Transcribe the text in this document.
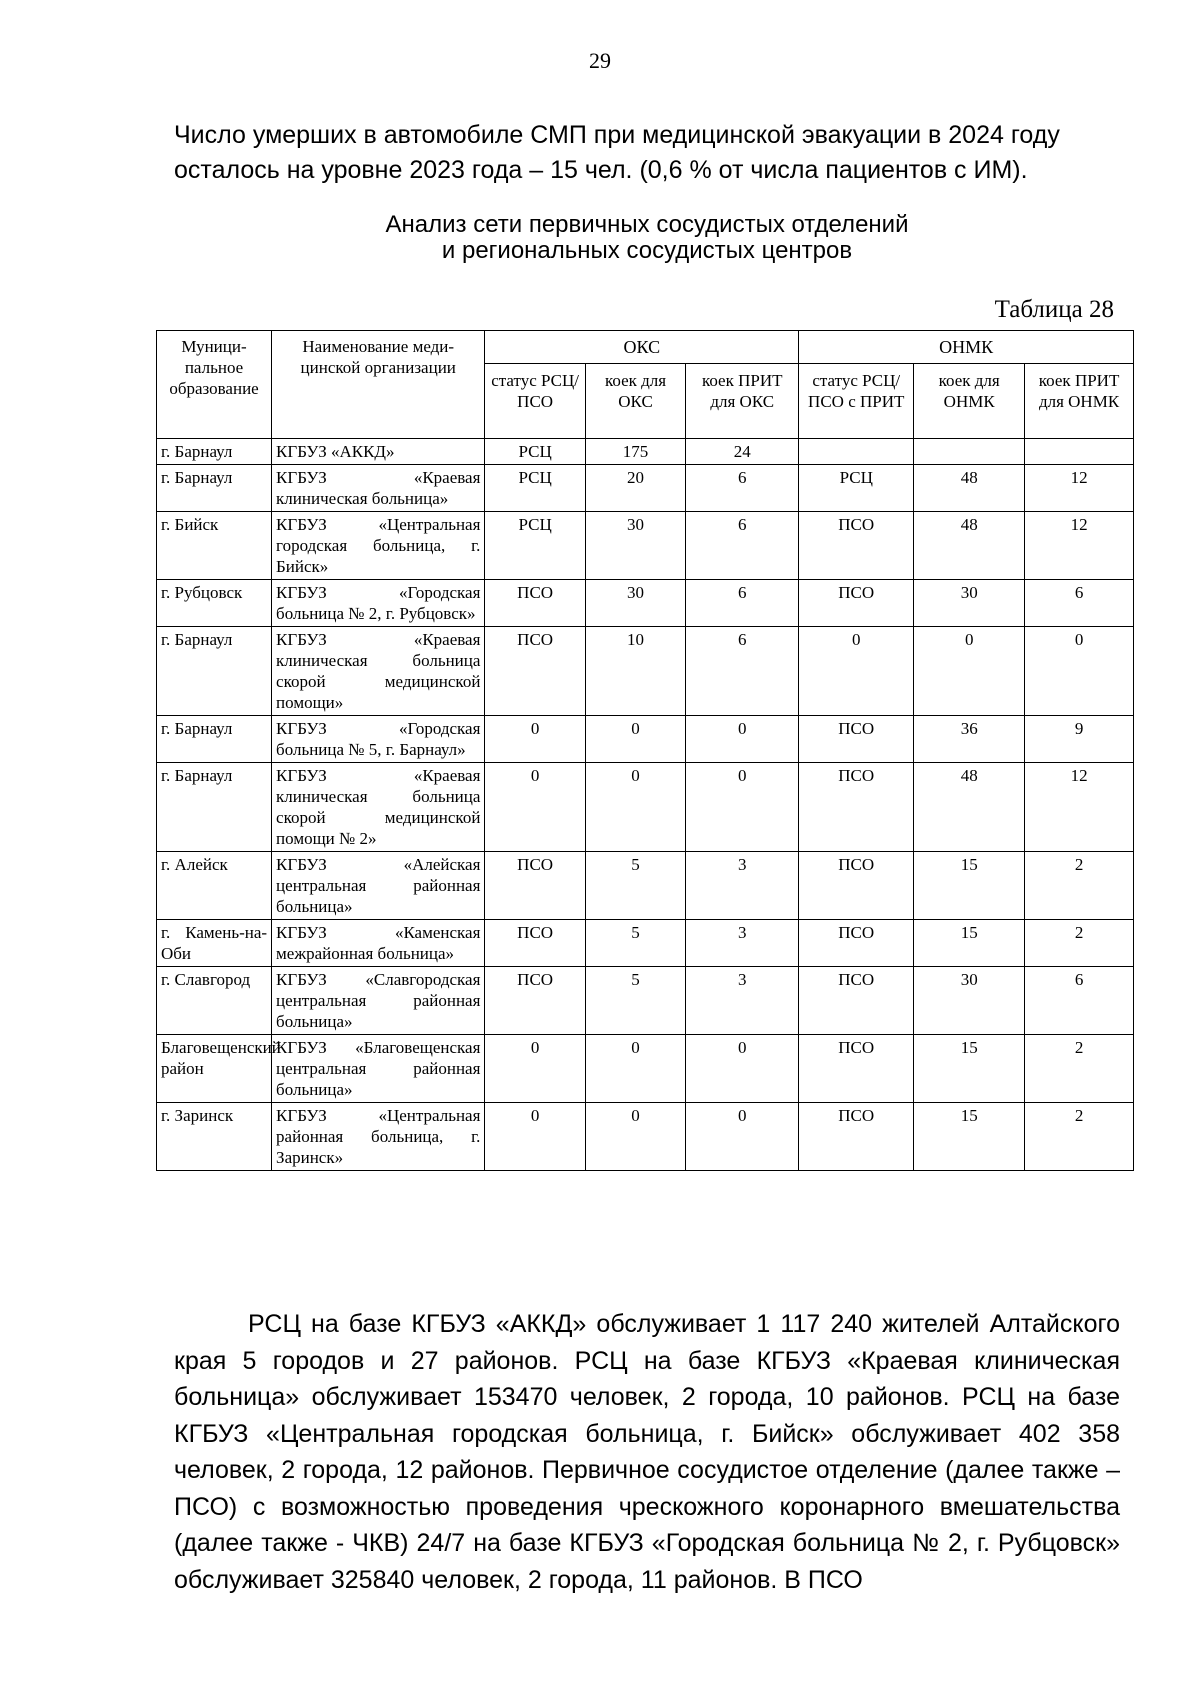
29
Число умерших в автомобиле СМП при медицинской эвакуации в 2024 году осталось на уровне 2023 года – 15 чел. (0,6 % от числа пациентов с ИМ).
Анализ сети первичных сосудистых отделений
и региональных сосудистых центров
Таблица 28
Муници-пальное образование	Наименование меди-цинской организации	ОКС			ОНМК		
		статус РСЦ/ПСО	коек для ОКС	коек ПРИТ для ОКС	статус РСЦ/ПСО с ПРИТ	коек для ОНМК	коек ПРИТ для ОНМК
г. Барнаул	КГБУЗ «АККД»	РСЦ	175	24			
г. Барнаул	КГБУЗ «Краевая клиническая больница»	РСЦ	20	6	РСЦ	48	12
г. Бийск	КГБУЗ «Центральная городская больница, г. Бийск»	РСЦ	30	6	ПСО	48	12
г. Рубцовск	КГБУЗ «Городская больница № 2, г. Рубцовск»	ПСО	30	6	ПСО	30	6
г. Барнаул	КГБУЗ «Краевая клиническая больница скорой медицинской помощи»	ПСО	10	6	0	0	0
г. Барнаул	КГБУЗ «Городская больница № 5, г. Барнаул»	0	0	0	ПСО	36	9
г. Барнаул	КГБУЗ «Краевая клиническая больница скорой медицинской помощи № 2»	0	0	0	ПСО	48	12
г. Алейск	КГБУЗ «Алейская центральная районная больница»	ПСО	5	3	ПСО	15	2
г. Камень-на-Оби	КГБУЗ «Каменская межрайонная больница»	ПСО	5	3	ПСО	15	2
г. Славгород	КГБУЗ «Славгородская центральная районная больница»	ПСО	5	3	ПСО	30	6
Благовещенский район	КГБУЗ «Благовещенская центральная районная больница»	0	0	0	ПСО	15	2
г. Заринск	КГБУЗ «Центральная районная больница, г. Заринск»	0	0	0	ПСО	15	2
РСЦ на базе КГБУЗ «АККД» обслуживает 1 117 240 жителей Алтайского края 5 городов и 27 районов. РСЦ на базе КГБУЗ «Краевая клиническая больница» обслуживает 153470 человек, 2 города, 10 районов. РСЦ на базе КГБУЗ «Центральная городская больница, г. Бийск» обслуживает 402 358 человек, 2 города, 12 районов. Первичное сосудистое отделение (далее также – ПСО) с возможностью проведения чрескожного коронарного вмешательства (далее также - ЧКВ) 24/7 на базе КГБУЗ «Городская больница № 2, г. Рубцовск» обслуживает 325840 человек, 2 города, 11 районов. В ПСО
